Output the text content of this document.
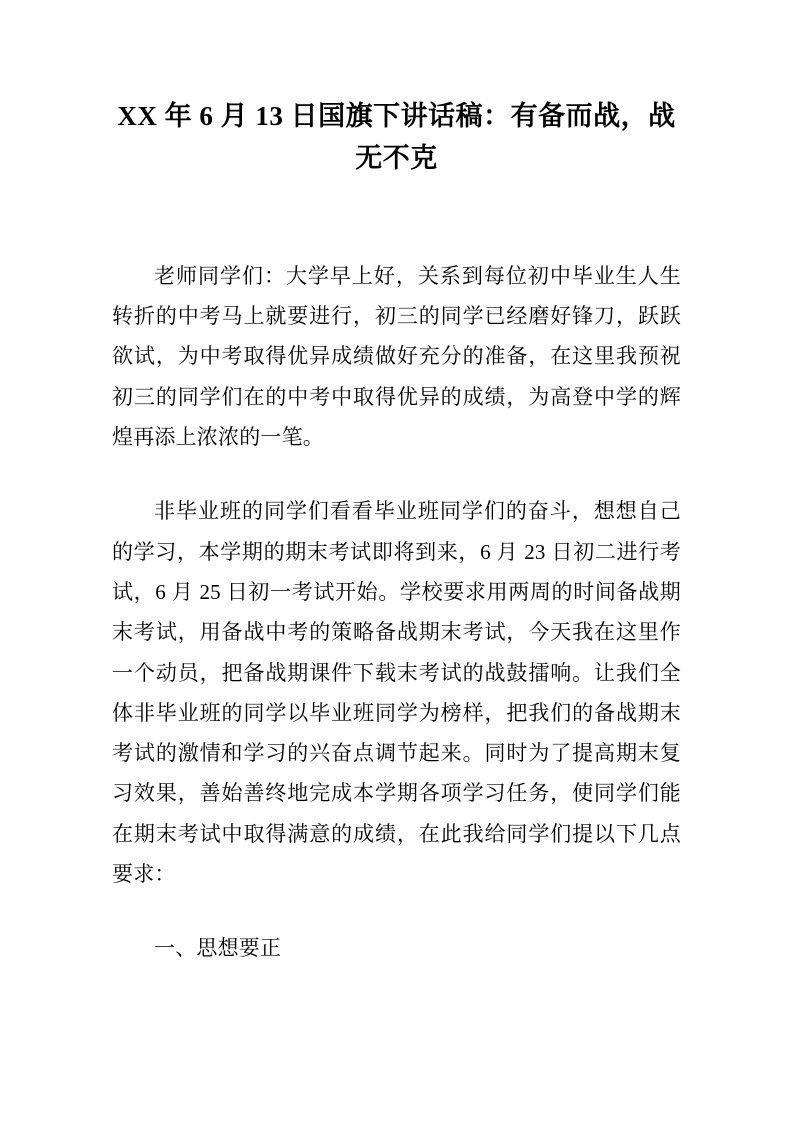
XX 年 6 月 13 日国旗下讲话稿：有备而战，战无不克

老师同学们：大学早上好，关系到每位初中毕业生人生转折的中考马上就要进行，初三的同学已经磨好锋刀，跃跃欲试，为中考取得优异成绩做好充分的准备，在这里我预祝初三的同学们在的中考中取得优异的成绩，为高登中学的辉煌再添上浓浓的一笔。

非毕业班的同学们看看毕业班同学们的奋斗，想想自己的学习，本学期的期末考试即将到来，6 月 23 日初二进行考试，6 月 25 日初一考试开始。学校要求用两周的时间备战期末考试，用备战中考的策略备战期末考试，今天我在这里作一个动员，把备战期课件下载末考试的战鼓擂响。让我们全体非毕业班的同学以毕业班同学为榜样，把我们的备战期末考试的激情和学习的兴奋点调节起来。同时为了提高期末复习效果，善始善终地完成本学期各项学习任务，使同学们能在期末考试中取得满意的成绩，在此我给同学们提以下几点要求：

一、思想要正
